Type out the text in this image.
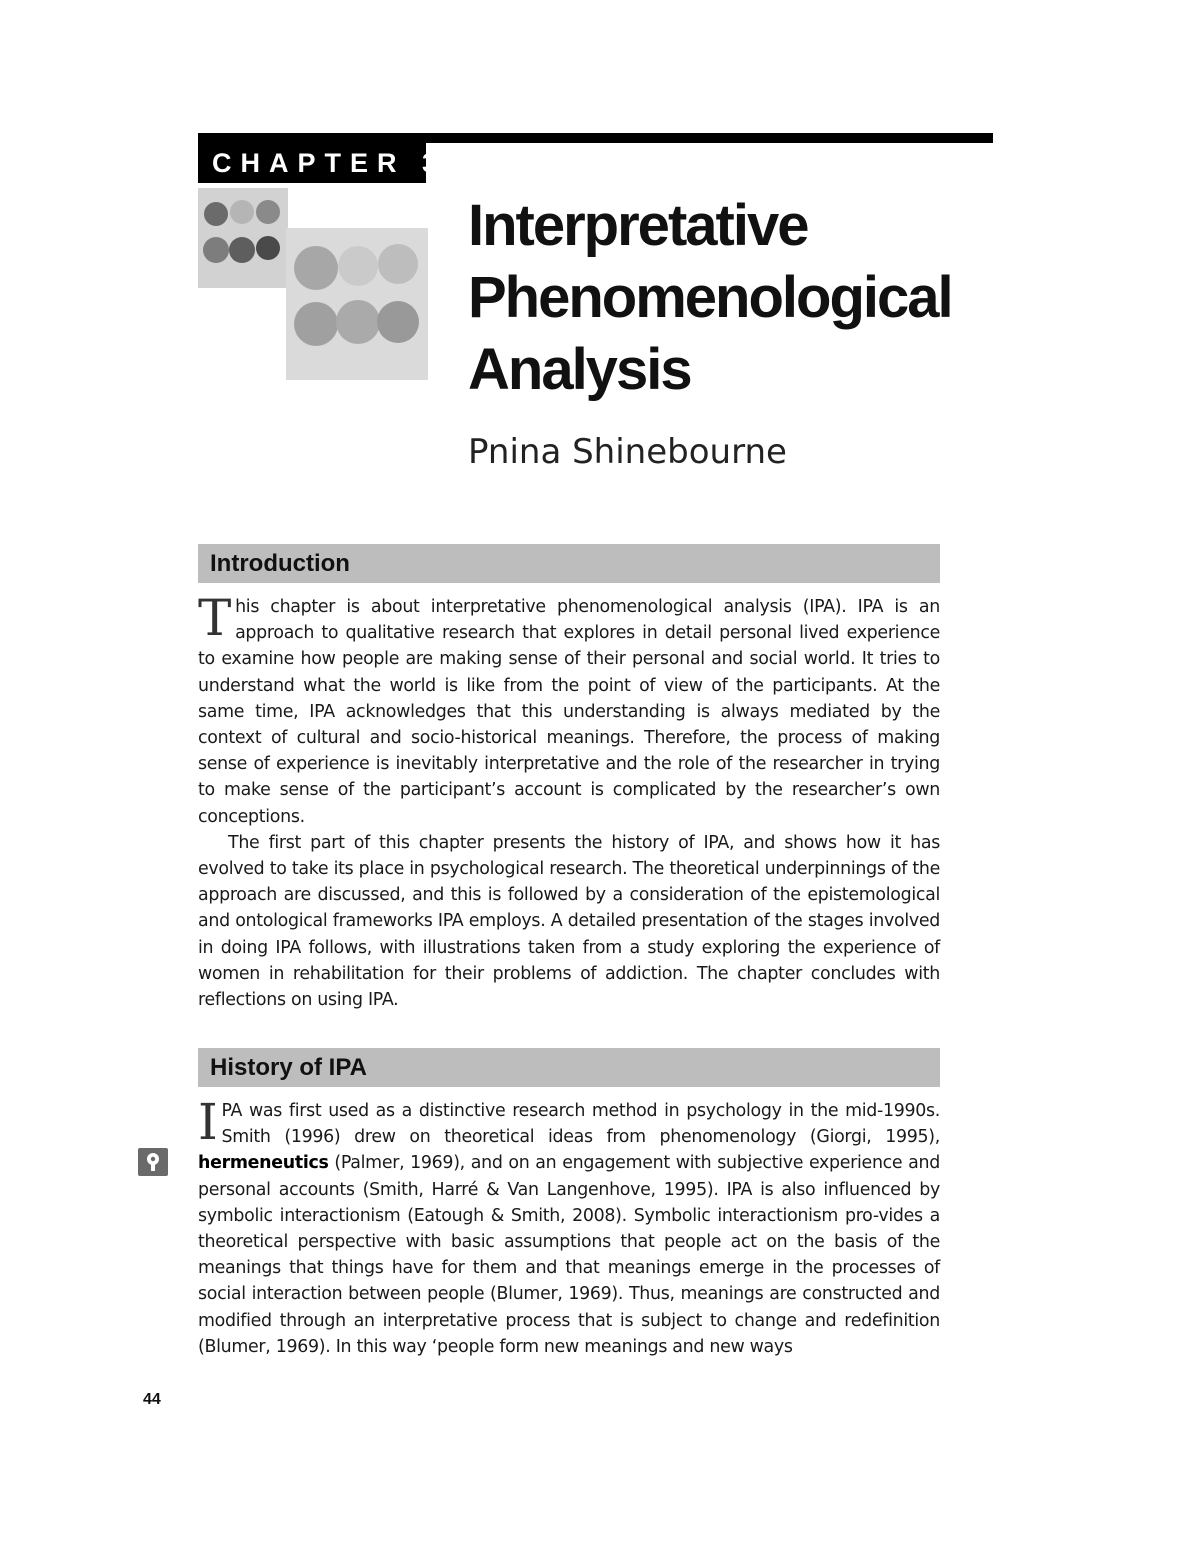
CHAPTER 3
Interpretative
Phenomenological
Analysis
Pnina Shinebourne
Introduction

This chapter is about interpretative phenomenological analysis (IPA). IPA is an approach to qualitative research that explores in detail personal lived experience to examine how people are making sense of their personal and social world. It tries to understand what the world is like from the point of view of the participants. At the same time, IPA acknowledges that this understanding is always mediated by the context of cultural and socio-historical meanings. Therefore, the process of making sense of experience is inevitably interpretative and the role of the researcher in trying to make sense of the participant’s account is complicated by the researcher’s own conceptions.

The first part of this chapter presents the history of IPA, and shows how it has evolved to take its place in psychological research. The theoretical underpinnings of the approach are discussed, and this is followed by a consideration of the epistemological and ontological frameworks IPA employs. A detailed presentation of the stages involved in doing IPA follows, with illustrations taken from a study exploring the experience of women in rehabilitation for their problems of addiction. The chapter concludes with reflections on using IPA.

History of IPA

IPA was first used as a distinctive research method in psychology in the mid-1990s. Smith (1996) drew on theoretical ideas from phenomenology (Giorgi, 1995), hermeneutics (Palmer, 1969), and on an engagement with subjective experience and personal accounts (Smith, Harré & Van Langenhove, 1995). IPA is also influenced by symbolic interactionism (Eatough & Smith, 2008). Symbolic interactionism pro-vides a theoretical perspective with basic assumptions that people act on the basis of the meanings that things have for them and that meanings emerge in the processes of social interaction between people (Blumer, 1969). Thus, meanings are constructed and modified through an interpretative process that is subject to change and redefinition (Blumer, 1969). In this way ‘people form new meanings and new ways

44
